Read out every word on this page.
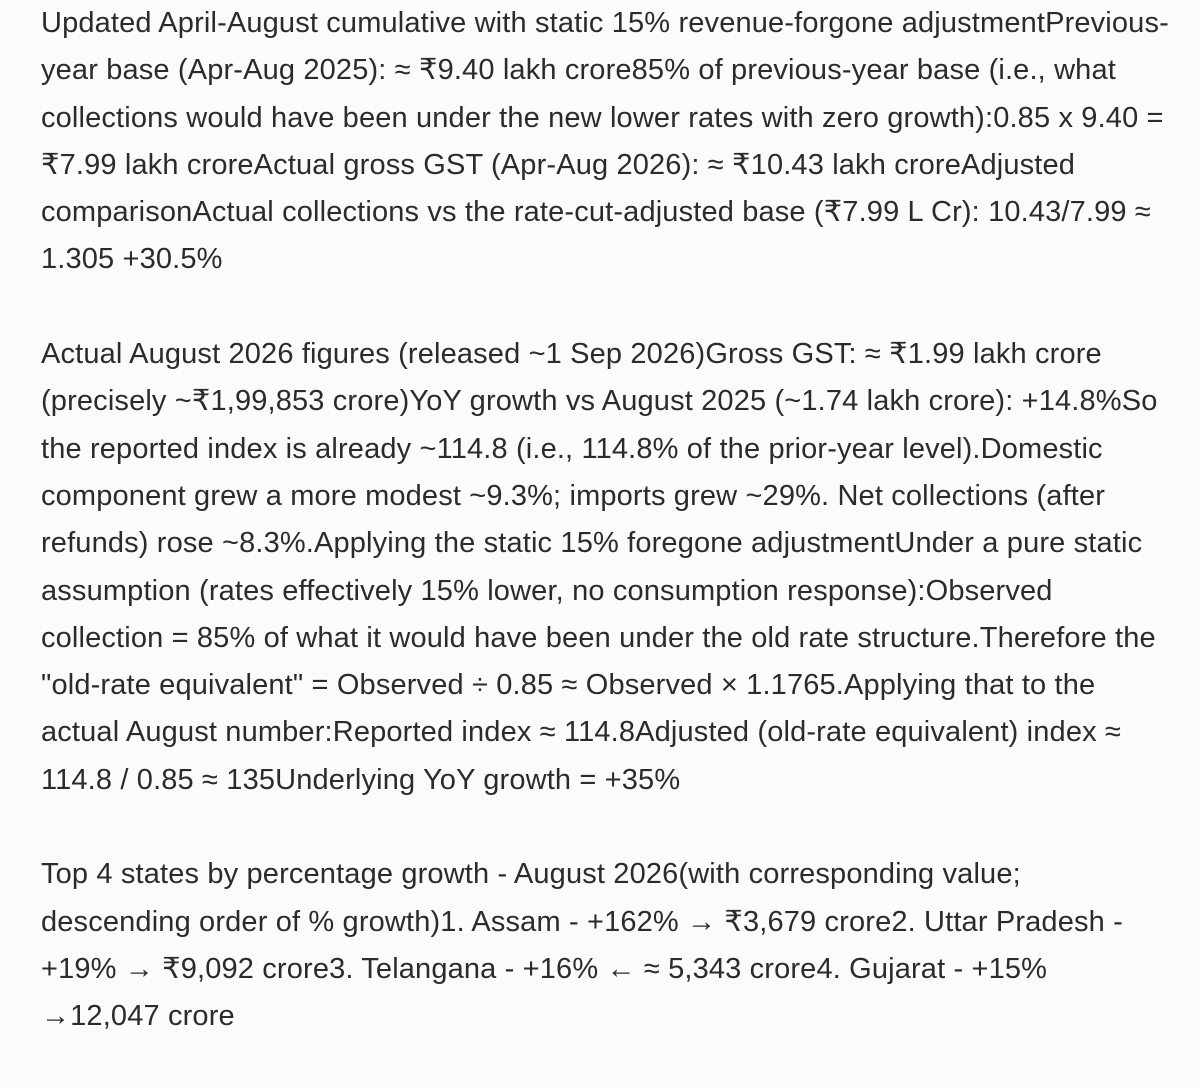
Updated April-August cumulative with static 15% revenue-forgone adjustmentPrevious-year base (Apr-Aug 2025): ≈ ₹9.40 lakh crore85% of previous-year base (i.e., what collections would have been under the new lower rates with zero growth):0.85 x 9.40 = ₹7.99 lakh croreActual gross GST (Apr-Aug 2026): ≈ ₹10.43 lakh croreAdjusted comparisonActual collections vs the rate-cut-adjusted base (₹7.99 L Cr): 10.43/7.99 ≈ 1.305 +30.5%

Actual August 2026 figures (released ~1 Sep 2026)Gross GST: ≈ ₹1.99 lakh crore (precisely ~₹1,99,853 crore)YoY growth vs August 2025 (~1.74 lakh crore): +14.8%So the reported index is already ~114.8 (i.e., 114.8% of the prior-year level).Domestic component grew a more modest ~9.3%; imports grew ~29%. Net collections (after refunds) rose ~8.3%.Applying the static 15% foregone adjustmentUnder a pure static assumption (rates effectively 15% lower, no consumption response):Observed collection = 85% of what it would have been under the old rate structure.Therefore the "old-rate equivalent" = Observed ÷ 0.85 ≈ Observed × 1.1765.Applying that to the actual August number:Reported index ≈ 114.8Adjusted (old-rate equivalent) index ≈ 114.8 / 0.85 ≈ 135Underlying YoY growth = +35%

Top 4 states by percentage growth - August 2026(with corresponding value; descending order of % growth)1. Assam - +162% → ₹3,679 crore2. Uttar Pradesh - +19% → ₹9,092 crore3. Telangana - +16% ← ≈ 5,343 crore4. Gujarat - +15% →12,047 crore
